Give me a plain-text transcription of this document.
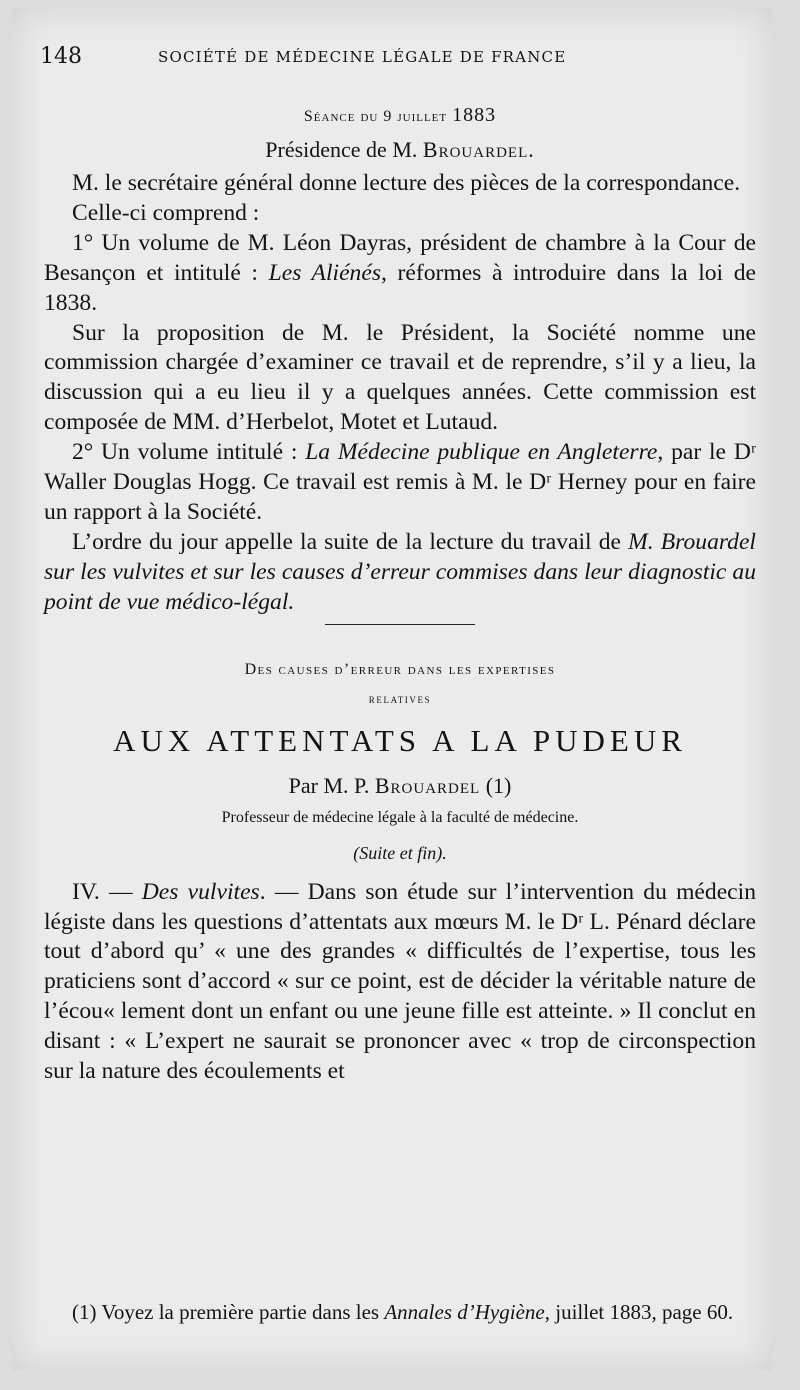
148	SOCIÉTÉ DE MÉDECINE LÉGALE DE FRANCE
Séance du 9 juillet 1883
Présidence de M. Brouardel.

M. le secrétaire général donne lecture des pièces de la correspondance.

Celle-ci comprend :

1° Un volume de M. Léon Dayras, président de chambre à la Cour de Besançon et intitulé : Les Aliénés, réformes à introduire dans la loi de 1838.

Sur la proposition de M. le Président, la Société nomme une commission chargée d’examiner ce travail et de reprendre, s’il y a lieu, la discussion qui a eu lieu il y a quelques années. Cette commission est composée de MM. d’Herbelot, Motet et Lutaud.

2° Un volume intitulé : La Médecine publique en Angleterre, par le Dʳ Waller Douglas Hogg. Ce travail est remis à M. le Dʳ Herney pour en faire un rapport à la Société.

L’ordre du jour appelle la suite de la lecture du travail de M. Brouardel sur les vulvites et sur les causes d’erreur commises dans leur diagnostic au point de vue médico-légal.

Des causes d’erreur dans les expertises
relatives
AUX ATTENTATS A LA PUDEUR
Par M. P. Brouardel (1)
Professeur de médecine légale à la faculté de médecine.
(Suite et fin).

IV. — Des vulvites. — Dans son étude sur l’intervention du médecin légiste dans les questions d’attentats aux mœurs M. le Dʳ L. Pénard déclare tout d’abord qu’ « une des grandes « difficultés de l’expertise, tous les praticiens sont d’accord « sur ce point, est de décider la véritable nature de l’écou« lement dont un enfant ou une jeune fille est atteinte. » Il conclut en disant : « L’expert ne saurait se prononcer avec « trop de circonspection sur la nature des écoulements et

(1) Voyez la première partie dans les Annales d’Hygiène, juillet 1883, page 60.
